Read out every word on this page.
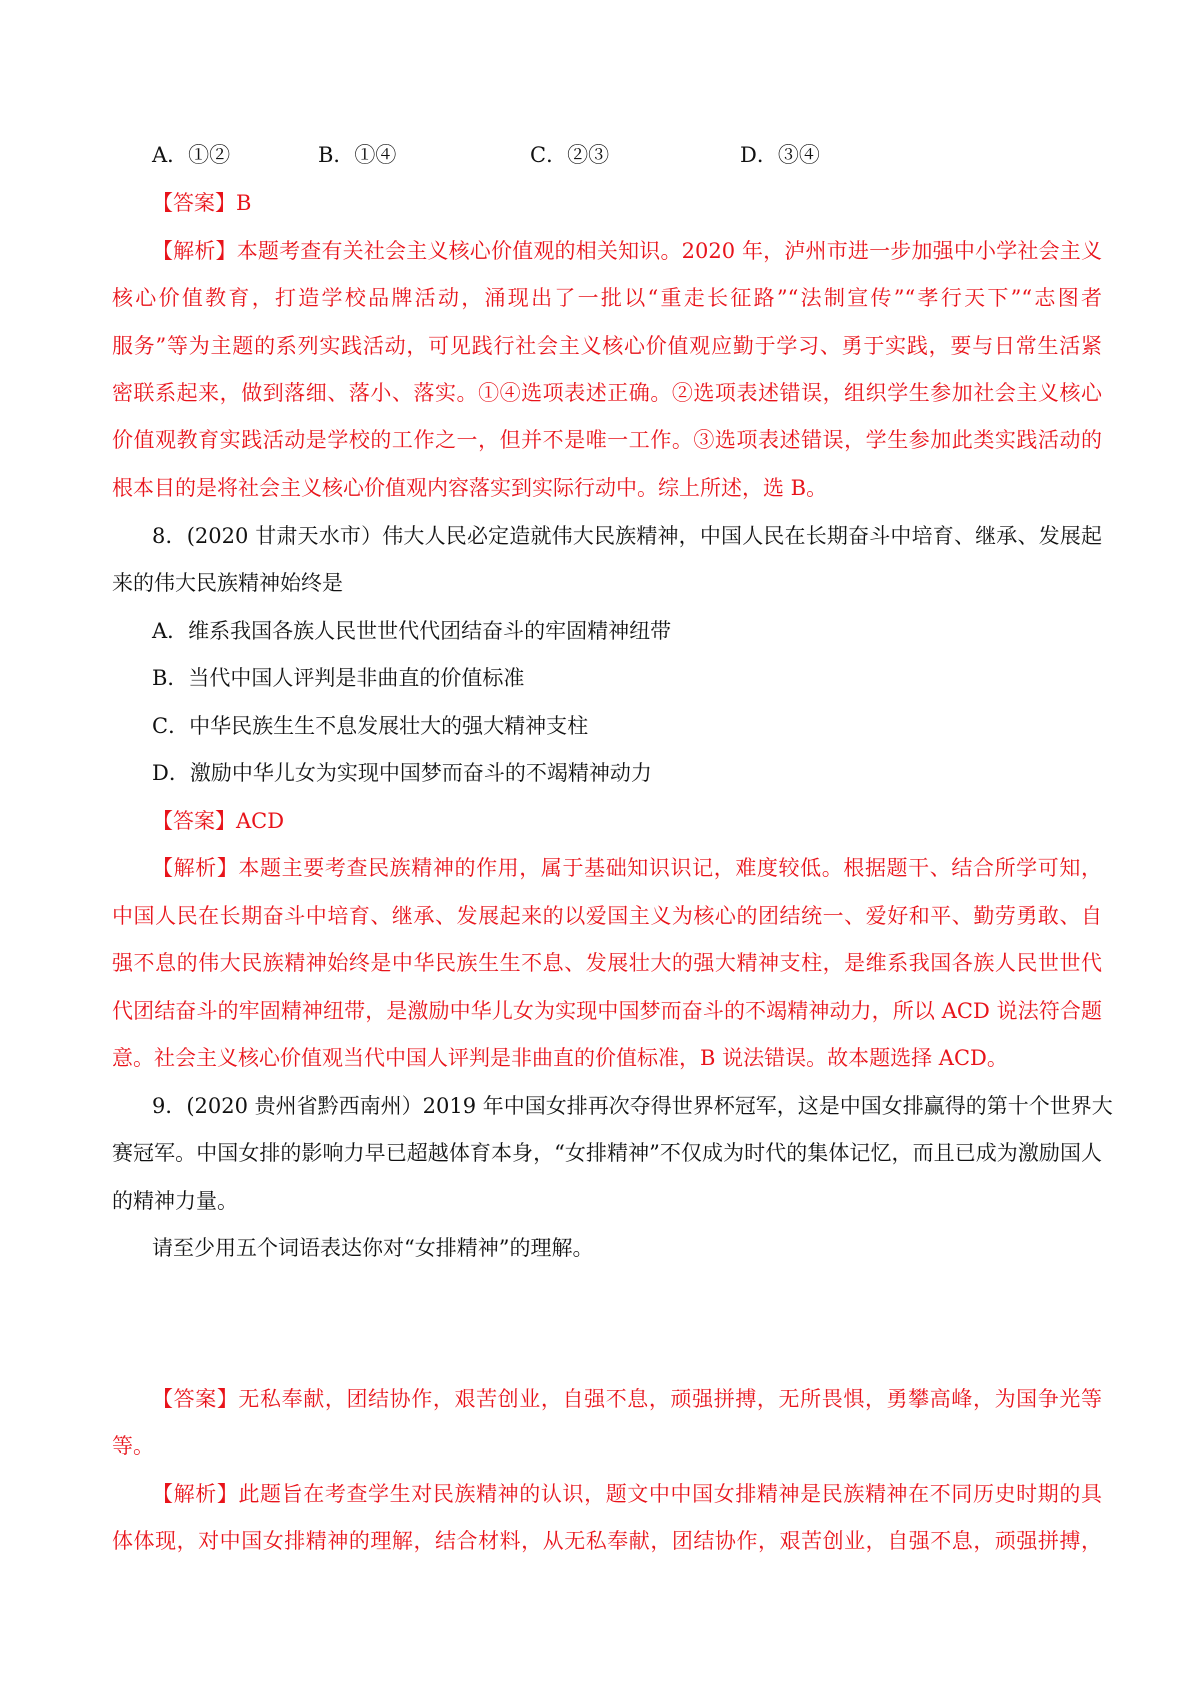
A．①②	B．①④	C．②③	D．③④
【答案】B
【解析】本题考查有关社会主义核心价值观的相关知识。2020 年，泸州市进一步加强中小学社会主义
核心价值教育，打造学校品牌活动，涌现出了一批以“重走长征路”“法制宣传”“孝行天下”“志图者
服务”等为主题的系列实践活动，可见践行社会主义核心价值观应勤于学习、勇于实践，要与日常生活紧
密联系起来，做到落细、落小、落实。①④选项表述正确。②选项表述错误，组织学生参加社会主义核心
价值观教育实践活动是学校的工作之一，但并不是唯一工作。③选项表述错误，学生参加此类实践活动的
根本目的是将社会主义核心价值观内容落实到实际行动中。综上所述，选 B。
8．(2020 甘肃天水市）伟大人民必定造就伟大民族精神，中国人民在长期奋斗中培育、继承、发展起
来的伟大民族精神始终是
A．维系我国各族人民世世代代团结奋斗的牢固精神纽带
B．当代中国人评判是非曲直的价值标准
C．中华民族生生不息发展壮大的强大精神支柱
D．激励中华儿女为实现中国梦而奋斗的不竭精神动力
【答案】ACD
【解析】本题主要考查民族精神的作用，属于基础知识识记，难度较低。根据题干、结合所学可知，
中国人民在长期奋斗中培育、继承、发展起来的以爱国主义为核心的团结统一、爱好和平、勤劳勇敢、自
强不息的伟大民族精神始终是中华民族生生不息、发展壮大的强大精神支柱，是维系我国各族人民世世代
代团结奋斗的牢固精神纽带，是激励中华儿女为实现中国梦而奋斗的不竭精神动力，所以 ACD 说法符合题
意。社会主义核心价值观当代中国人评判是非曲直的价值标准，B 说法错误。故本题选择 ACD。
9．(2020 贵州省黔西南州）2019 年中国女排再次夺得世界杯冠军，这是中国女排赢得的第十个世界大
赛冠军。中国女排的影响力早已超越体育本身，“女排精神”不仅成为时代的集体记忆，而且已成为激励国人
的精神力量。
请至少用五个词语表达你对“女排精神”的理解。
【答案】无私奉献，团结协作，艰苦创业，自强不息，顽强拼搏，无所畏惧，勇攀高峰，为国争光等
等。
【解析】此题旨在考查学生对民族精神的认识，题文中中国女排精神是民族精神在不同历史时期的具
体体现，对中国女排精神的理解，结合材料，从无私奉献，团结协作，艰苦创业，自强不息，顽强拼搏，
